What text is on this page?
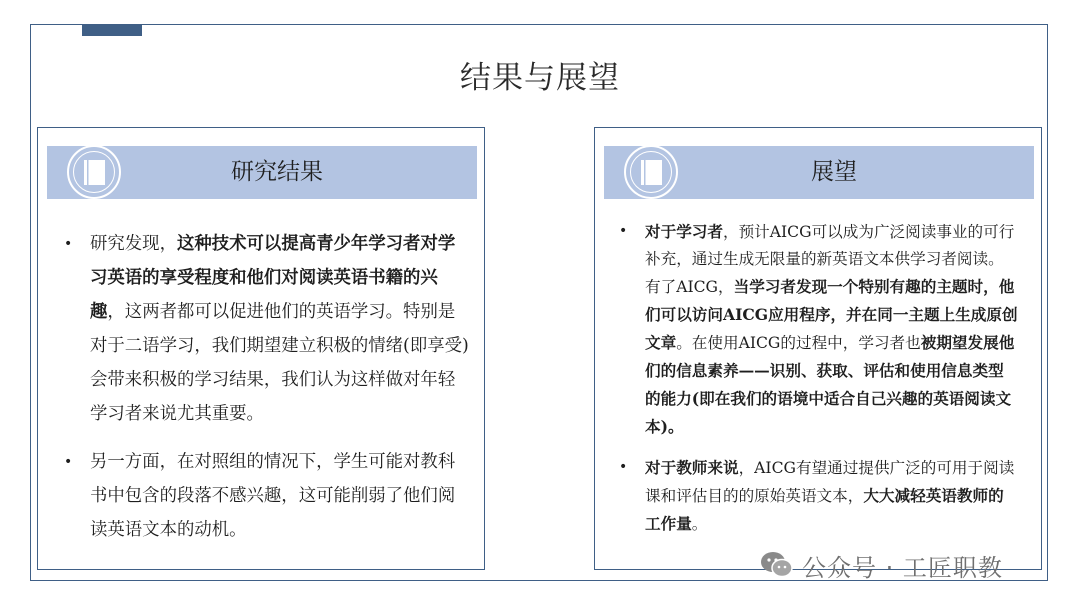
结果与展望
研究结果
• 研究发现，这种技术可以提高青少年学习者对学习英语的享受程度和他们对阅读英语书籍的兴趣，这两者都可以促进他们的英语学习。特别是对于二语学习，我们期望建立积极的情绪(即享受)会带来积极的学习结果，我们认为这样做对年轻学习者来说尤其重要。
• 另一方面，在对照组的情况下，学生可能对教科书中包含的段落不感兴趣，这可能削弱了他们阅读英语文本的动机。
展望
• 对于学习者，预计AICG可以成为广泛阅读事业的可行补充，通过生成无限量的新英语文本供学习者阅读。有了AICG，当学习者发现一个特别有趣的主题时，他们可以访问AICG应用程序，并在同一主题上生成原创文章。在使用AICG的过程中，学习者也被期望发展他们的信息素养——识别、获取、评估和使用信息类型的能力(即在我们的语境中适合自己兴趣的英语阅读文本)。
• 对于教师来说，AICG有望通过提供广泛的可用于阅读课和评估目的的原始英语文本，大大减轻英语教师的工作量。
公众号 · 工匠职教
